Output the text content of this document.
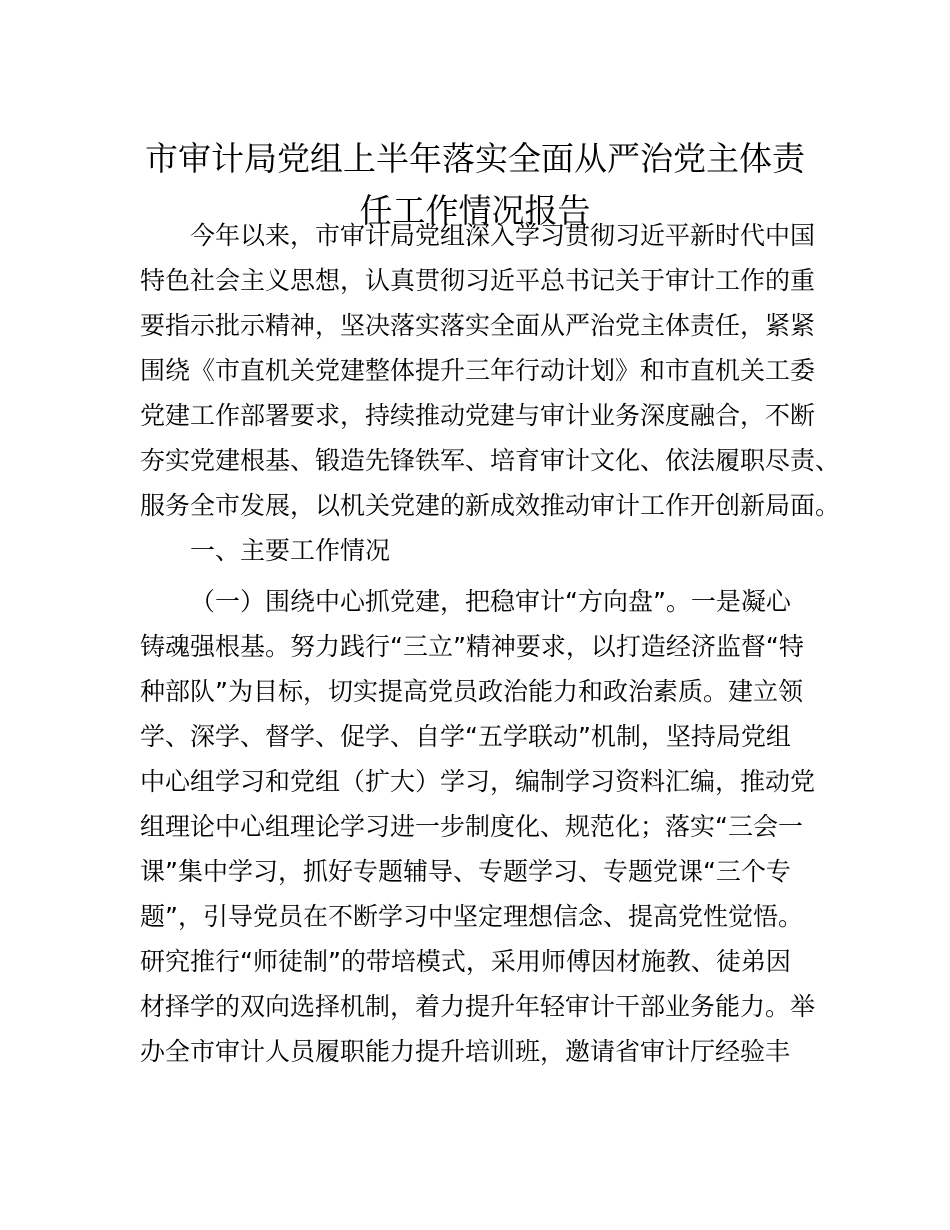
市审计局党组上半年落实全面从严治党主体责
任工作情况报告
今年以来，市审计局党组深入学习贯彻习近平新时代中国
特色社会主义思想，认真贯彻习近平总书记关于审计工作的重
要指示批示精神，坚决落实落实全面从严治党主体责任，紧紧
围绕《市直机关党建整体提升三年行动计划》和市直机关工委
党建工作部署要求，持续推动党建与审计业务深度融合，不断
夯实党建根基、锻造先锋铁军、培育审计文化、依法履职尽责、
服务全市发展，以机关党建的新成效推动审计工作开创新局面。
一、主要工作情况
（一）围绕中心抓党建，把稳审计“方向盘”。一是凝心
铸魂强根基。努力践行“三立”精神要求，以打造经济监督“特
种部队”为目标，切实提高党员政治能力和政治素质。建立领
学、深学、督学、促学、自学“五学联动”机制，坚持局党组
中心组学习和党组（扩大）学习，编制学习资料汇编，推动党
组理论中心组理论学习进一步制度化、规范化；落实“三会一
课”集中学习，抓好专题辅导、专题学习、专题党课“三个专
题”，引导党员在不断学习中坚定理想信念、提高党性觉悟。
研究推行“师徒制”的带培模式，采用师傅因材施教、徒弟因
材择学的双向选择机制，着力提升年轻审计干部业务能力。举
办全市审计人员履职能力提升培训班，邀请省审计厅经验丰
